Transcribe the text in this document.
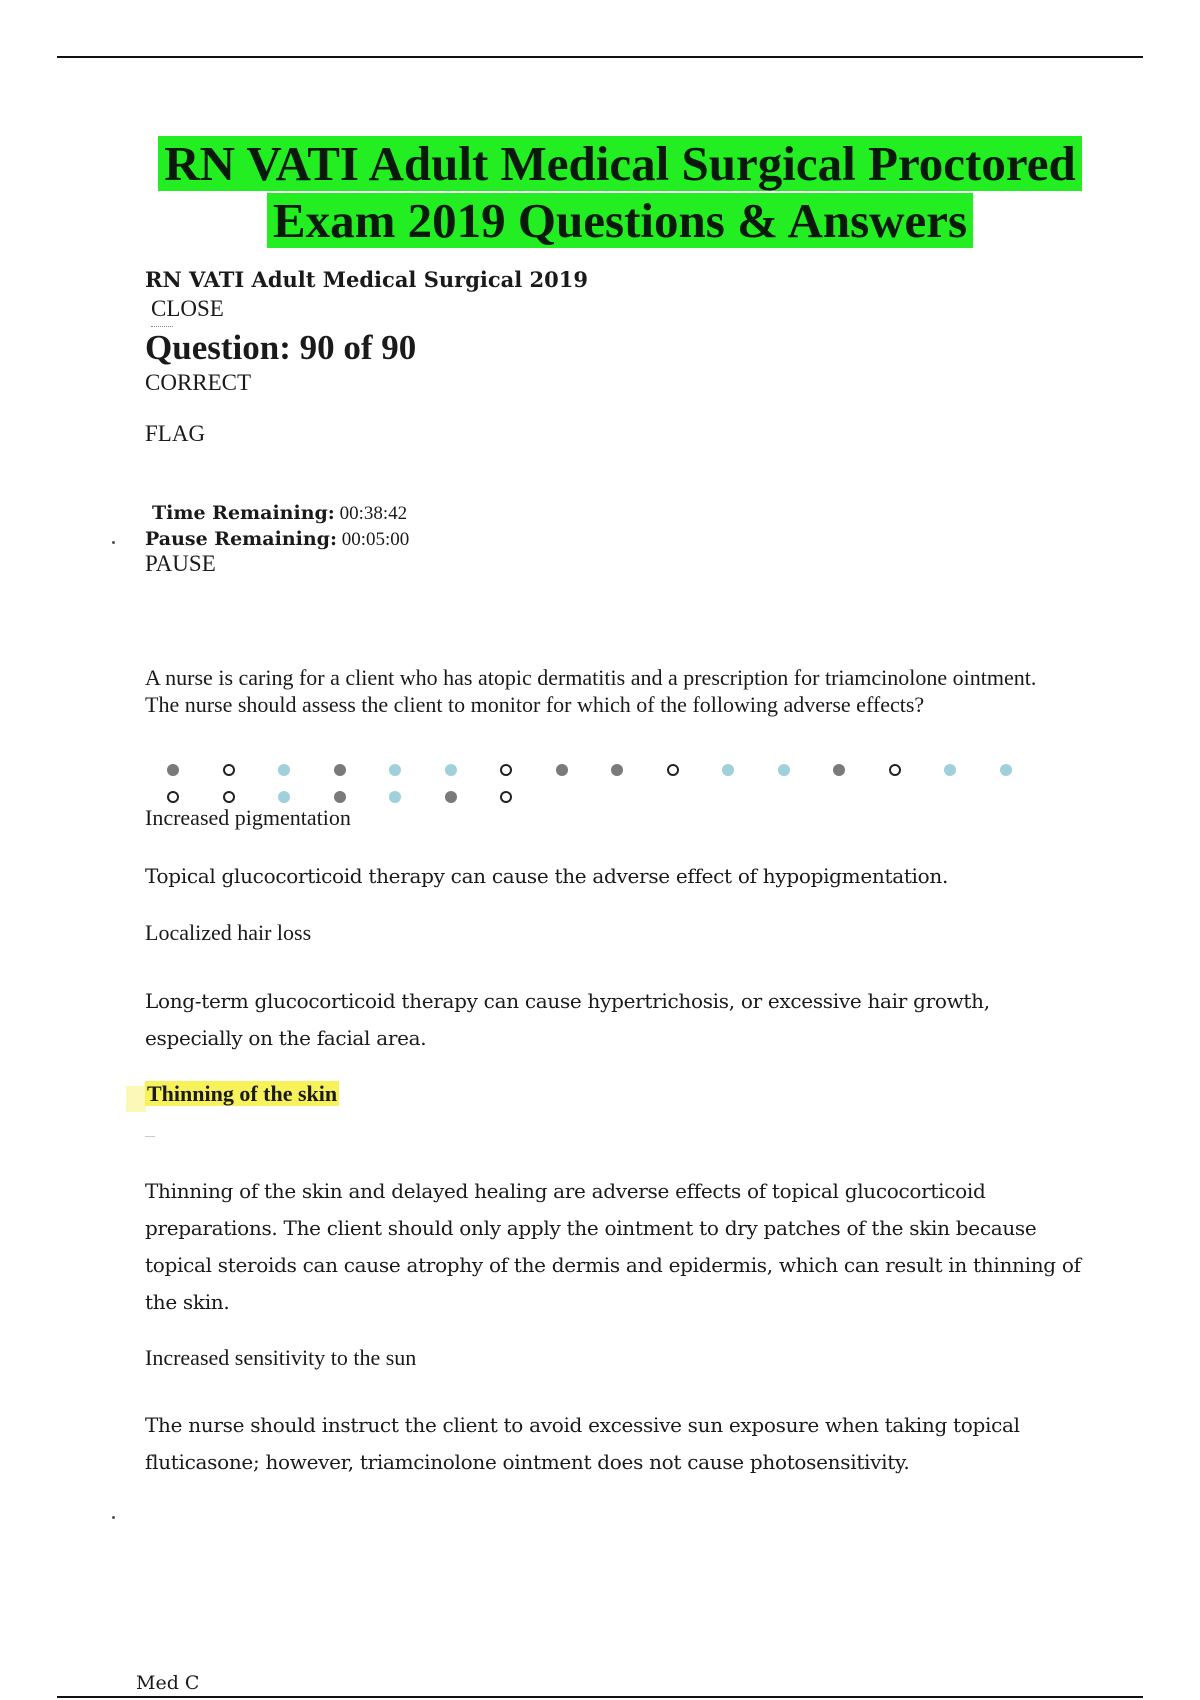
RN VATI Adult Medical Surgical Proctored
Exam 2019 Questions & Answers
RN VATI Adult Medical Surgical 2019
CLOSE
Question: 90 of 90
CORRECT
FLAG
Time Remaining: 00:38:42
Pause Remaining: 00:05:00
PAUSE
A nurse is caring for a client who has atopic dermatitis and a prescription for triamcinolone ointment. The nurse should assess the client to monitor for which of the following adverse effects?
Increased pigmentation
Topical glucocorticoid therapy can cause the adverse effect of hypopigmentation.
Localized hair loss
Long-term glucocorticoid therapy can cause hypertrichosis, or excessive hair growth, especially on the facial area.
Thinning of the skin
—
Thinning of the skin and delayed healing are adverse effects of topical glucocorticoid preparations. The client should only apply the ointment to dry patches of the skin because topical steroids can cause atrophy of the dermis and epidermis, which can result in thinning of the skin.
Increased sensitivity to the sun
The nurse should instruct the client to avoid excessive sun exposure when taking topical fluticasone; however, triamcinolone ointment does not cause photosensitivity.
Med C
